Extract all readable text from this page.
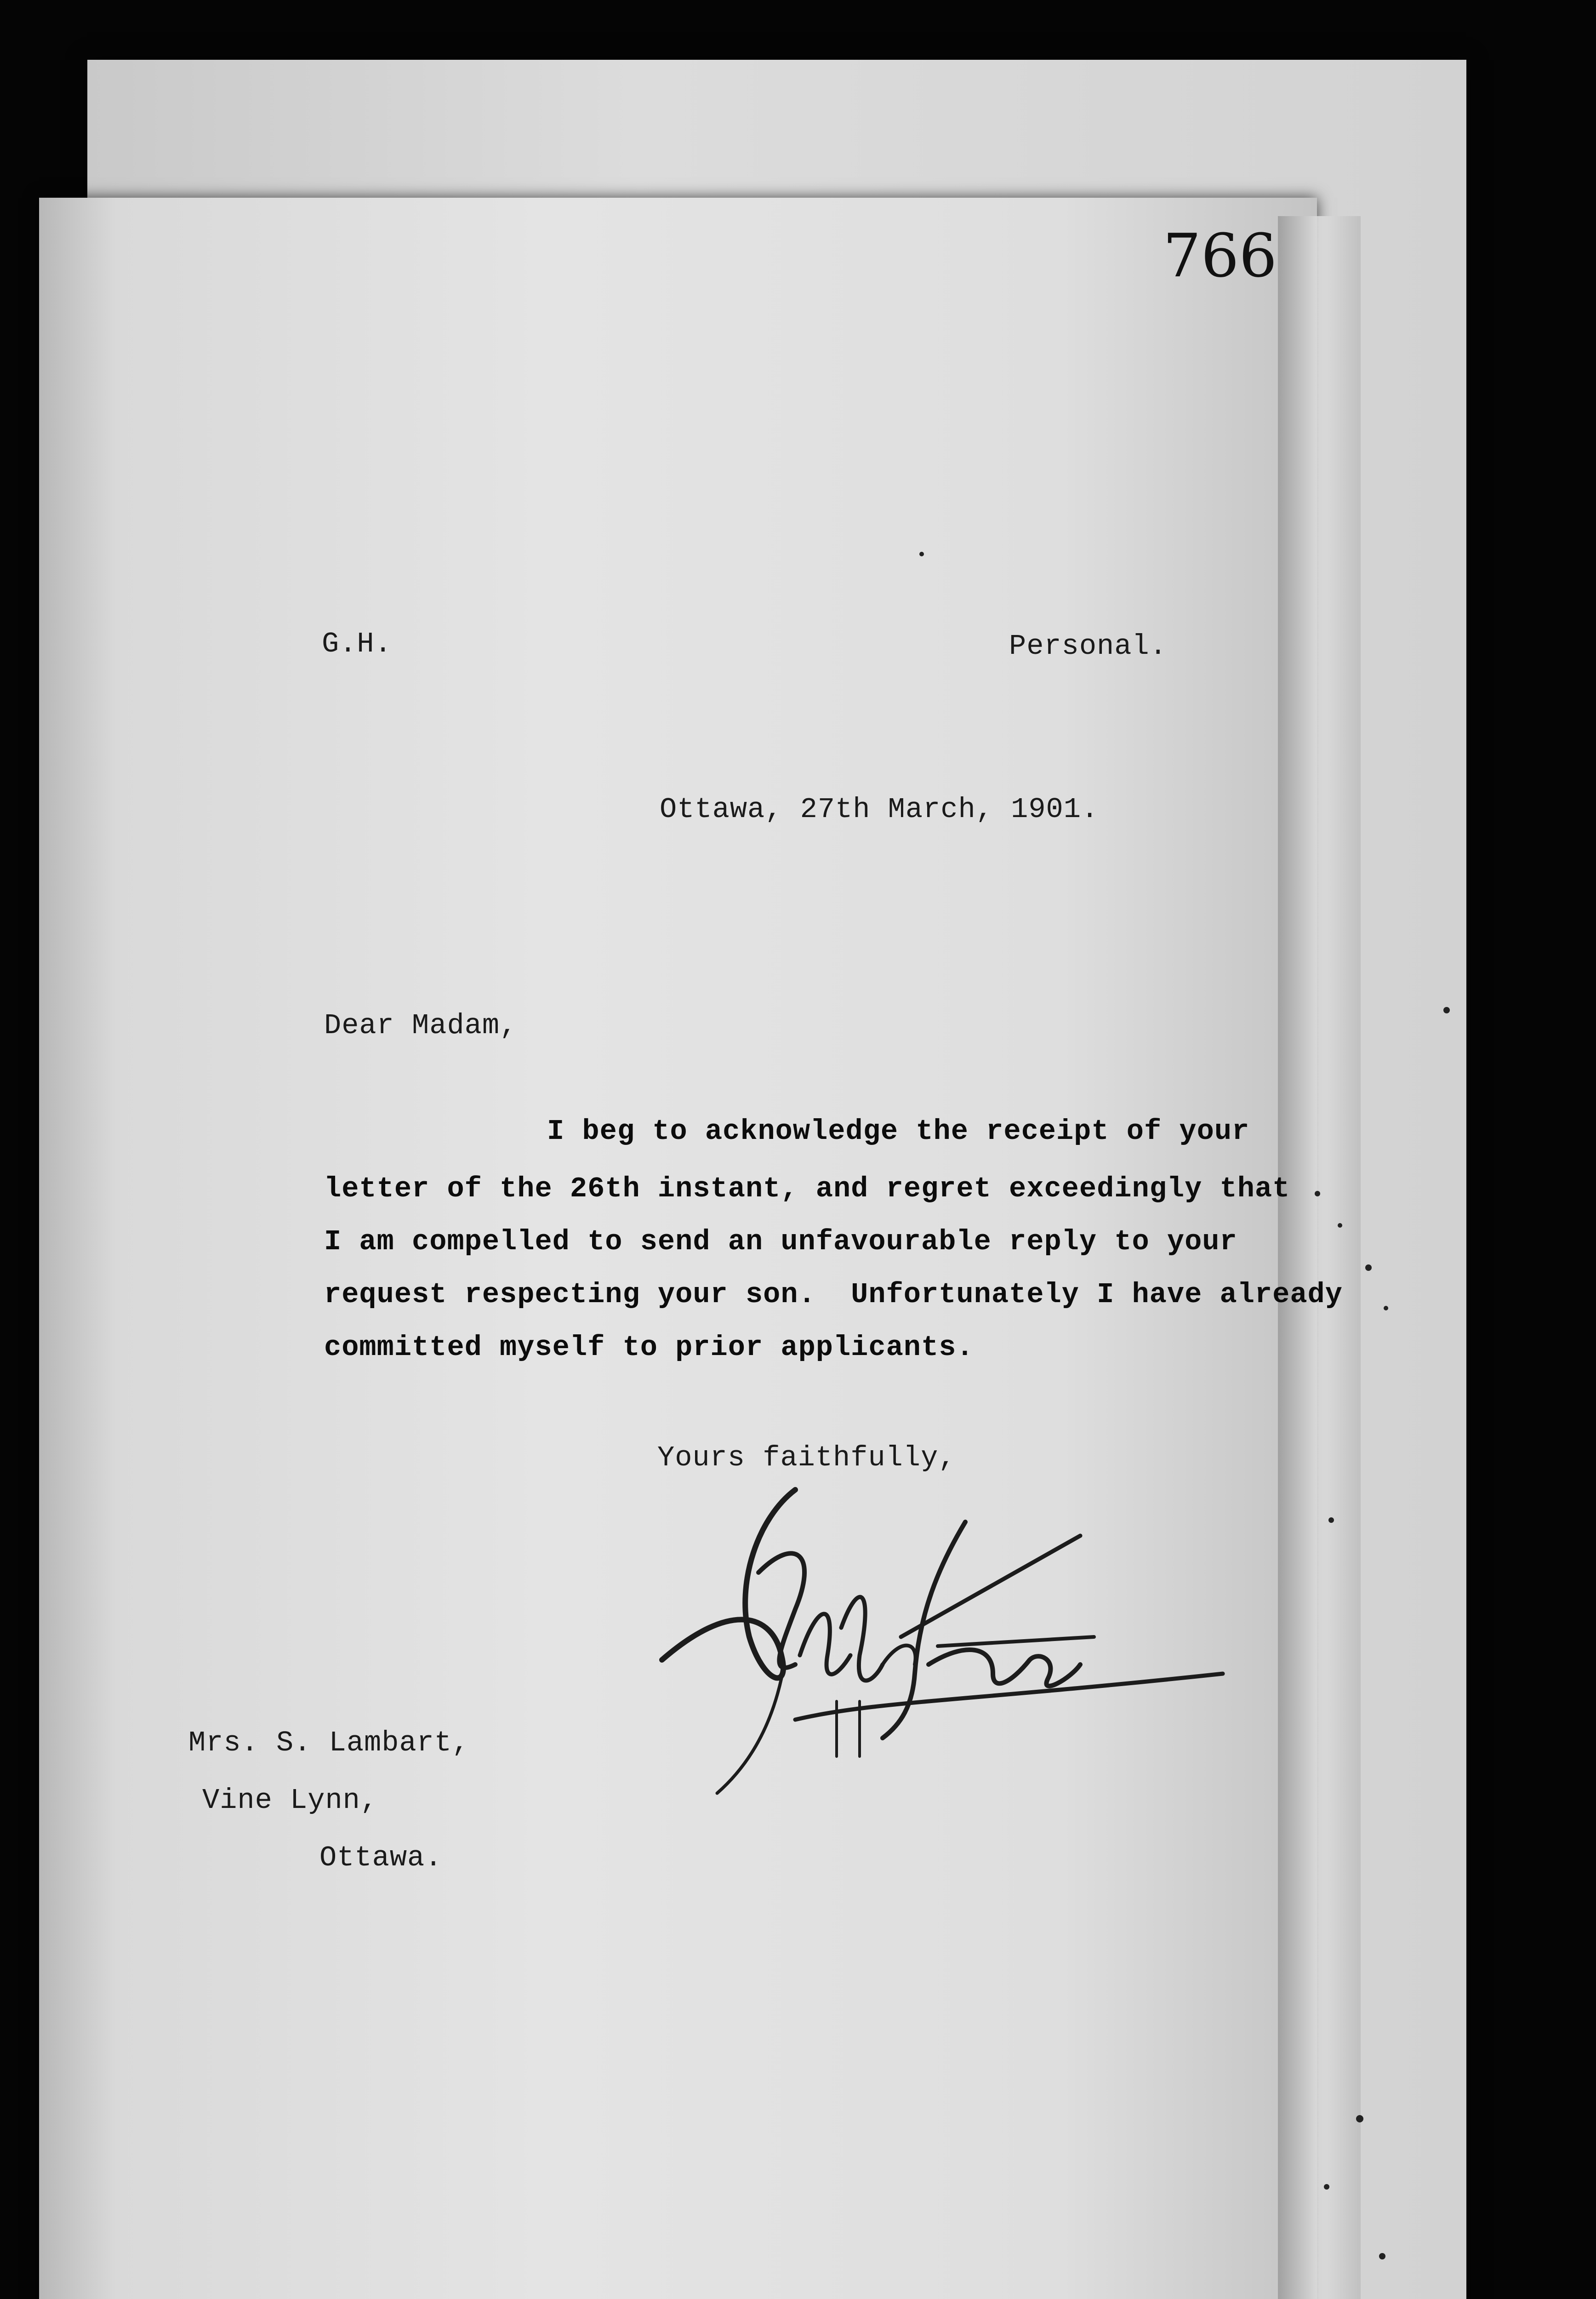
766
G.H.	Personal.
Ottawa, 27th March, 1901.
Dear Madam,
I beg to acknowledge the receipt of your
letter of the 26th instant, and regret exceedingly that
I am compelled to send an unfavourable reply to your
request respecting your son.  Unfortunately I have already
committed myself to prior applicants.
Yours faithfully,
Mrs. S. Lambart,
Vine Lynn,
Ottawa.
